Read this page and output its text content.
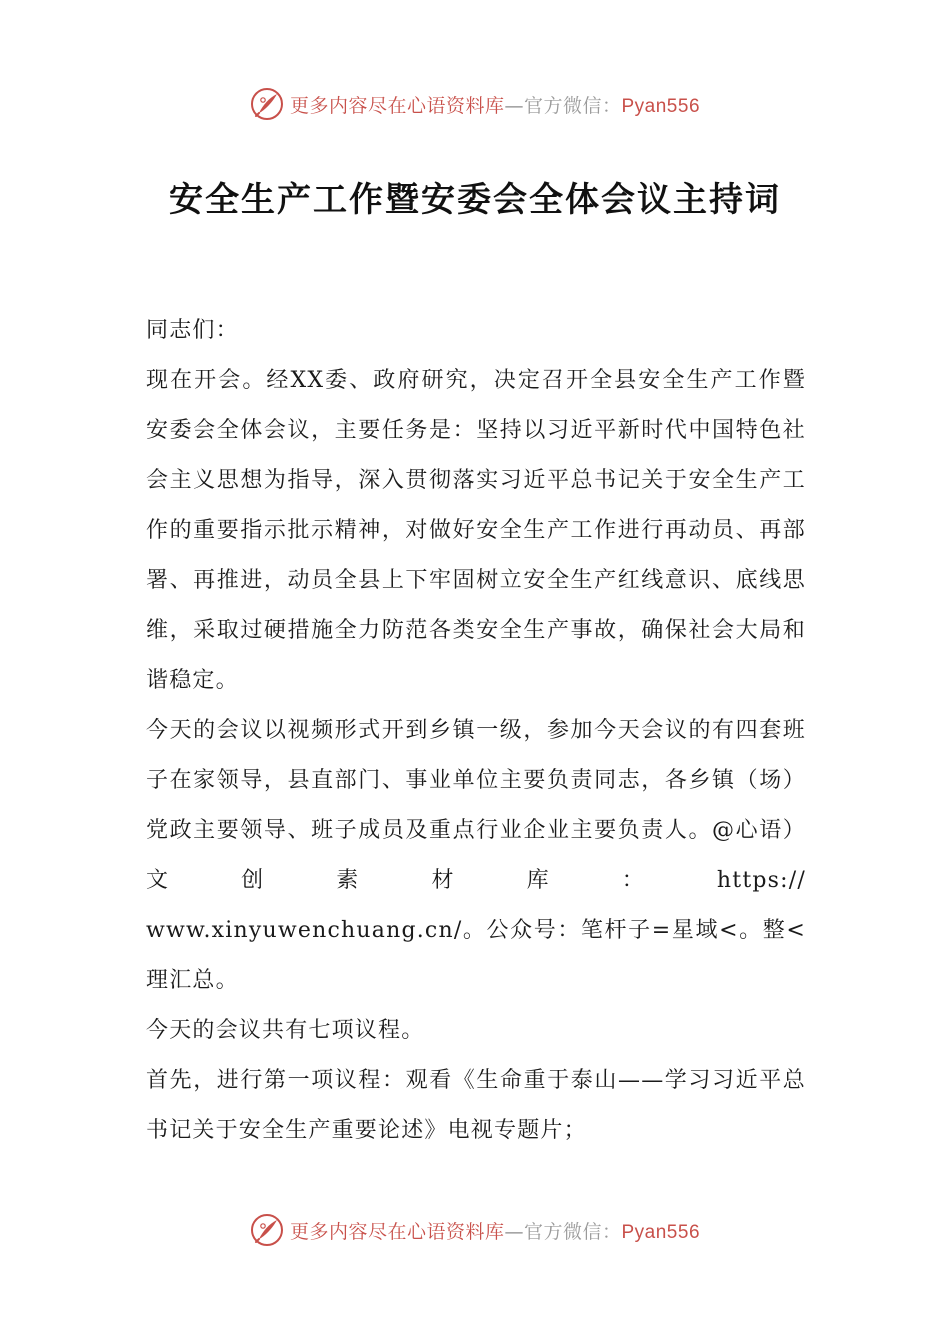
更多内容尽在心语资料库—官方微信：Pyan556
安全生产工作暨安委会全体会议主持词

同志们：

现在开会。经XX委、政府研究，决定召开全县安全生产工作暨安委会全体会议，主要任务是：坚持以习近平新时代中国特色社会主义思想为指导，深入贯彻落实习近平总书记关于安全生产工作的重要指示批示精神，对做好安全生产工作进行再动员、再部署、再推进，动员全县上下牢固树立安全生产红线意识、底线思维，采取过硬措施全力防范各类安全生产事故，确保社会大局和谐稳定。

今天的会议以视频形式开到乡镇一级，参加今天会议的有四套班子在家领导，县直部门、事业单位主要负责同志，各乡镇（场）党政主要领导、班子成员及重点行业企业主要负责人。@心语）文创素材库：https://

www.xinyuwenchuang.cn/。公众号：笔杆子=星域<。整<理汇总。

今天的会议共有七项议程。

首先，进行第一项议程：观看《生命重于泰山——学习习近平总书记关于安全生产重要论述》电视专题片；

更多内容尽在心语资料库—官方微信：Pyan556
